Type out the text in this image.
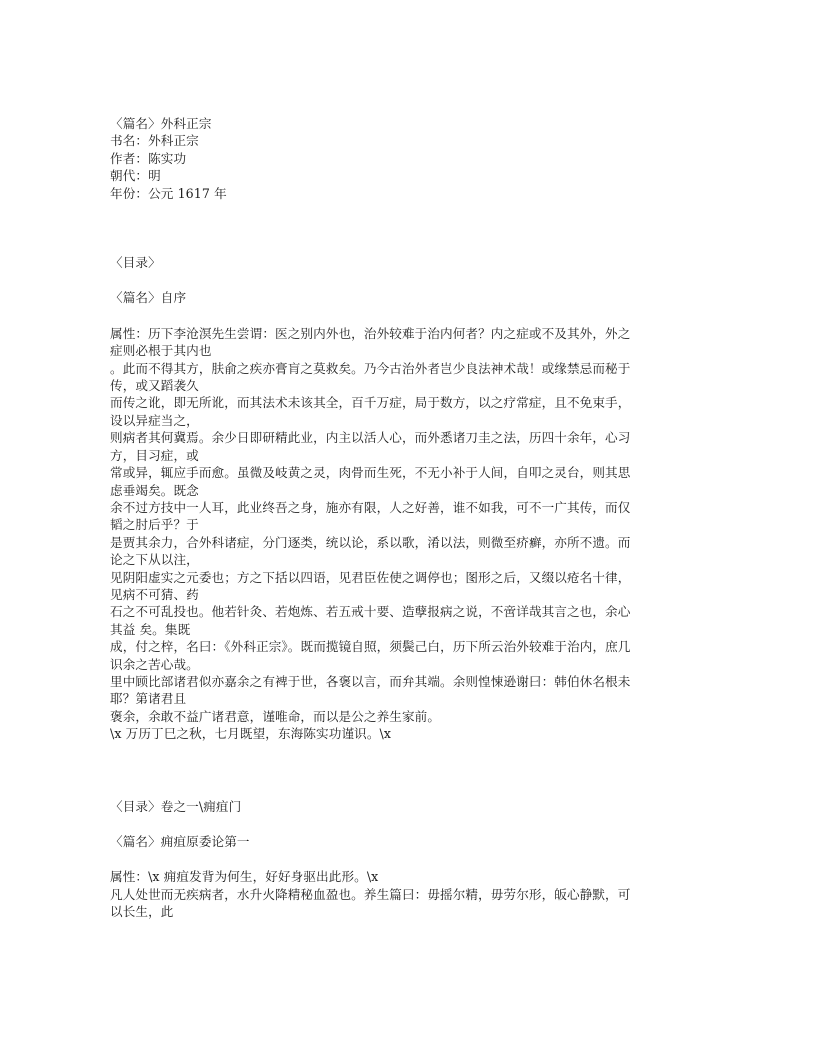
〈篇名〉外科正宗
书名：外科正宗
作者：陈实功
朝代：明
年份：公元 1617 年
〈目录〉
〈篇名〉自序
属性：历下李沧溟先生尝谓：医之别内外也，治外较难于治内何者？内之症或不及其外，外之
症则必根于其内也
。此而不得其方，肤俞之疾亦膏肓之莫救矣。乃今古治外者岂少良法神术哉！或缘禁忌而秘于
传，或又蹈袭久
而传之讹，即无所讹，而其法术未该其全，百千万症，局于数方，以之疗常症，且不免束手，
设以异症当之，
则病者其何冀焉。余少日即研精此业，内主以活人心，而外悉诸刀圭之法，历四十余年，心习
方，目习症，或
常或异，辄应手而愈。虽微及岐黄之灵，肉骨而生死，不无小补于人间，自叩之灵台，则其思
虑垂竭矣。既念
余不过方技中一人耳，此业终吾之身，施亦有限，人之好善，谁不如我，可不一广其传，而仅
韬之肘后乎？于
是贾其余力，合外科诸症，分门逐类，统以论，系以歌，淆以法，则微至疥癣，亦所不遗。而
论之下从以注，
见阴阳虚实之元委也；方之下括以四语，见君臣佐使之调停也；图形之后，又缀以疮名十律，
见病不可猜、药
石之不可乱投也。他若针灸、若炮炼、若五戒十要、造孽报病之说，不啻详哉其言之也，余心
其益 矣。集既
成，付之梓，名曰：《外科正宗》。既而揽镜自照，须鬓己白，历下所云治外较难于治内，庶几
识余之苦心哉。
里中顾比部诸君似亦嘉余之有裨于世，各褒以言，而弁其端。余则惶悚逊谢曰：韩伯休名根未
耶？第诸君且
褒余，余敢不益广诸君意，谨唯命，而以是公之养生家前。
\x 万历丁巳之秋，七月既望，东海陈实功谨识。\x
〈目录〉卷之一\痈疽门
〈篇名〉痈疽原委论第一
属性：\x 痈疽发背为何生，好好身驱出此形。\x
凡人处世而无疾病者，水升火降精秘血盈也。养生篇曰：毋摇尔精，毋劳尔形，皈心静默，可
以长生，此
